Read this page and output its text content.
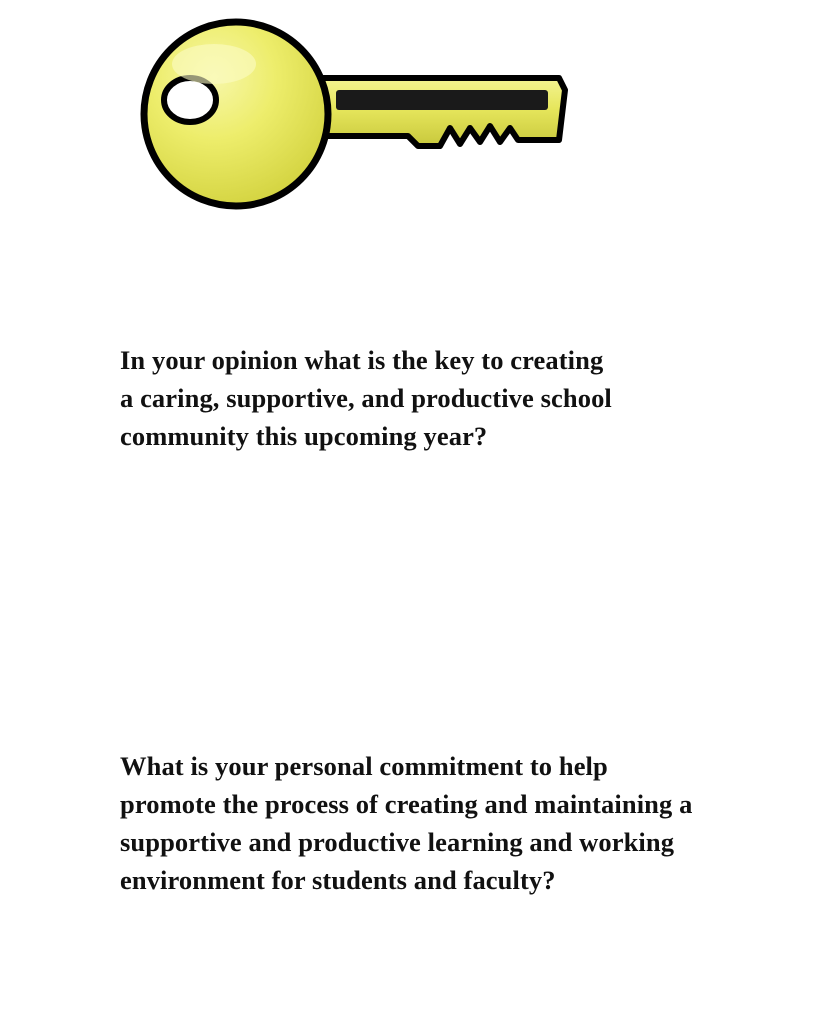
In your opinion what is the key to creating a caring, supportive, and productive school community this upcoming year?
What is your personal commitment to help promote the process of creating and maintaining a supportive and productive learning and working environment for students and faculty?
